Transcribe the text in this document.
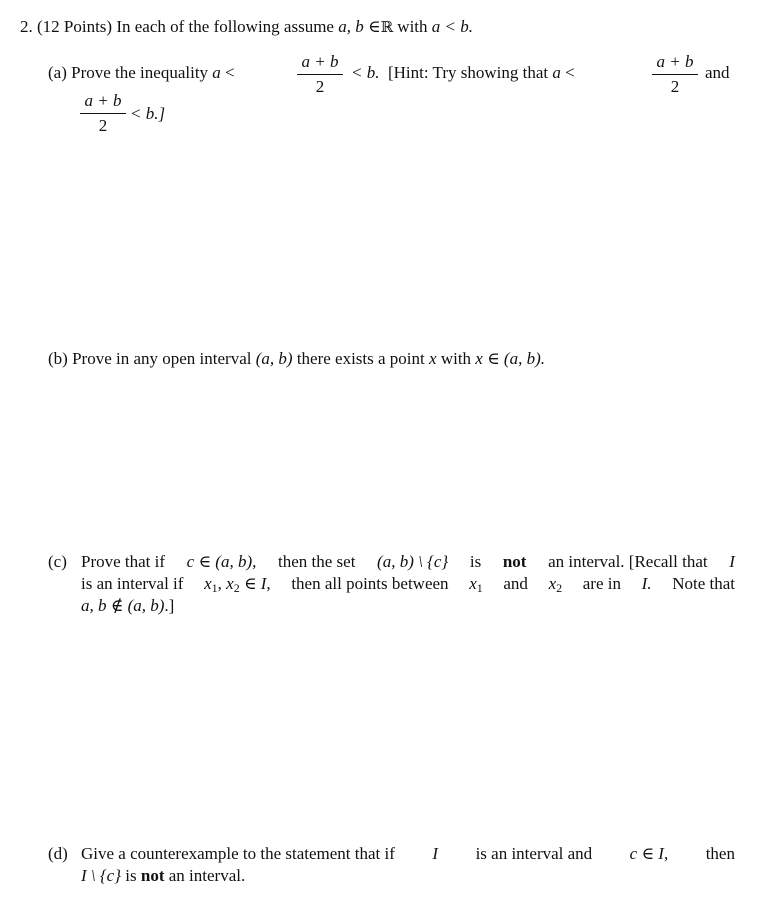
2. (12 Points) In each of the following assume a, b ∈ℝ with a < b.
(a) Prove the inequality a <
a + b
2
< b. [Hint: Try showing that a <
a + b
2
and
a + b
2
< b.]
(b) Prove in any open interval (a, b) there exists a point x with x ∈ (a, b).
(c) Prove that if c ∈ (a, b), then the set (a, b) \ {c} is not an interval. [Recall that I
is an interval if $x_1$, $x_2$ ∈ I, then all points between $x_1$ and $x_2$ are in I. Note that
a, b ∉ (a, b).]
(d) Give a counterexample to the statement that if I is an interval and c ∈ I, then
I \ {c} is not an interval.
